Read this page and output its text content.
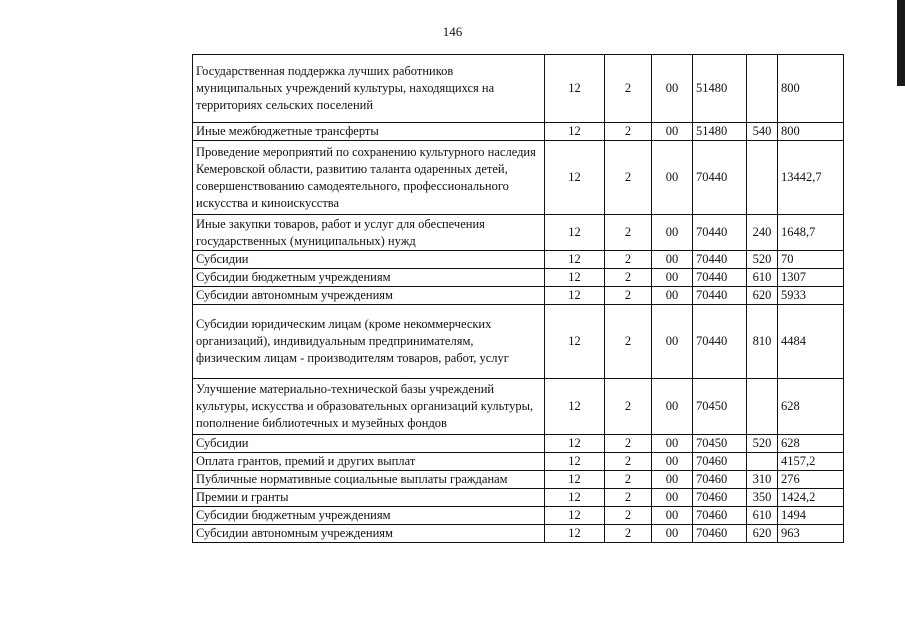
146
Государственная поддержка лучших работников муниципальных учреждений культуры, находящихся на территориях сельских поселений	12	2	00	51480		800
Иные межбюджетные трансферты	12	2	00	51480	540	800
Проведение мероприятий по сохранению культурного наследия Кемеровской области, развитию таланта одаренных детей, совершенствованию самодеятельного, профессионального искусства и киноискусства	12	2	00	70440		13442,7
Иные закупки товаров, работ и услуг для обеспечения государственных (муниципальных) нужд	12	2	00	70440	240	1648,7
Субсидии	12	2	00	70440	520	70
Субсидии бюджетным учреждениям	12	2	00	70440	610	1307
Субсидии автономным учреждениям	12	2	00	70440	620	5933
Субсидии юридическим лицам (кроме некоммерческих организаций), индивидуальным предпринимателям, физическим лицам - производителям товаров, работ, услуг	12	2	00	70440	810	4484
Улучшение материально-технической базы учреждений культуры, искусства и образовательных организаций культуры, пополнение библиотечных и музейных фондов	12	2	00	70450		628
Субсидии	12	2	00	70450	520	628
Оплата грантов, премий и других выплат	12	2	00	70460		4157,2
Публичные нормативные социальные выплаты гражданам	12	2	00	70460	310	276
Премии и гранты	12	2	00	70460	350	1424,2
Субсидии бюджетным учреждениям	12	2	00	70460	610	1494
Субсидии автономным учреждениям	12	2	00	70460	620	963
